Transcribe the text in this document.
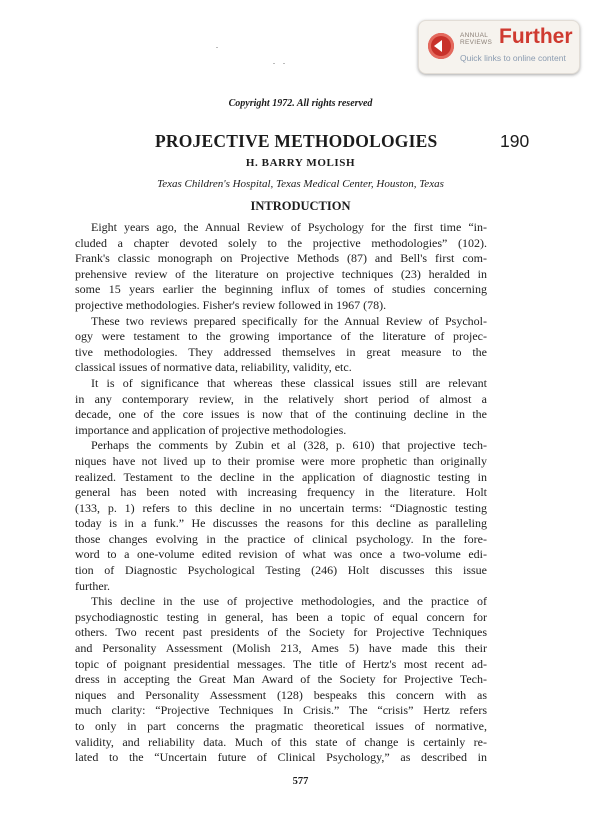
ANNUAL
REVIEWS Further
Quick links to online content
Copyright 1972. All rights reserved
PROJECTIVE METHODOLOGIES	190
H. BARRY MOLISH
Texas Children's Hospital, Texas Medical Center, Houston, Texas
INTRODUCTION
Eight years ago, the Annual Review of Psychology for the first time “in-
cluded a chapter devoted solely to the projective methodologies” (102).
Frank's classic monograph on Projective Methods (87) and Bell's first com-
prehensive review of the literature on projective techniques (23) heralded in
some 15 years earlier the beginning influx of tomes of studies concerning
projective methodologies. Fisher's review followed in 1967 (78).
These two reviews prepared specifically for the Annual Review of Psychol-
ogy were testament to the growing importance of the literature of projec-
tive methodologies. They addressed themselves in great measure to the
classical issues of normative data, reliability, validity, etc.
It is of significance that whereas these classical issues still are relevant
in any contemporary review, in the relatively short period of almost a
decade, one of the core issues is now that of the continuing decline in the
importance and application of projective methodologies.
Perhaps the comments by Zubin et al (328, p. 610) that projective tech-
niques have not lived up to their promise were more prophetic than originally
realized. Testament to the decline in the application of diagnostic testing in
general has been noted with increasing frequency in the literature. Holt
(133, p. 1) refers to this decline in no uncertain terms: “Diagnostic testing
today is in a funk.” He discusses the reasons for this decline as paralleling
those changes evolving in the practice of clinical psychology. In the fore-
word to a one-volume edited revision of what was once a two-volume edi-
tion of Diagnostic Psychological Testing (246) Holt discusses this issue
further.
This decline in the use of projective methodologies, and the practice of
psychodiagnostic testing in general, has been a topic of equal concern for
others. Two recent past presidents of the Society for Projective Techniques
and Personality Assessment (Molish 213, Ames 5) have made this their
topic of poignant presidential messages. The title of Hertz's most recent ad-
dress in accepting the Great Man Award of the Society for Projective Tech-
niques and Personality Assessment (128) bespeaks this concern with as
much clarity: “Projective Techniques In Crisis.” The “crisis” Hertz refers
to only in part concerns the pragmatic theoretical issues of normative,
validity, and reliability data. Much of this state of change is certainly re-
lated to the “Uncertain future of Clinical Psychology,” as described in
577
